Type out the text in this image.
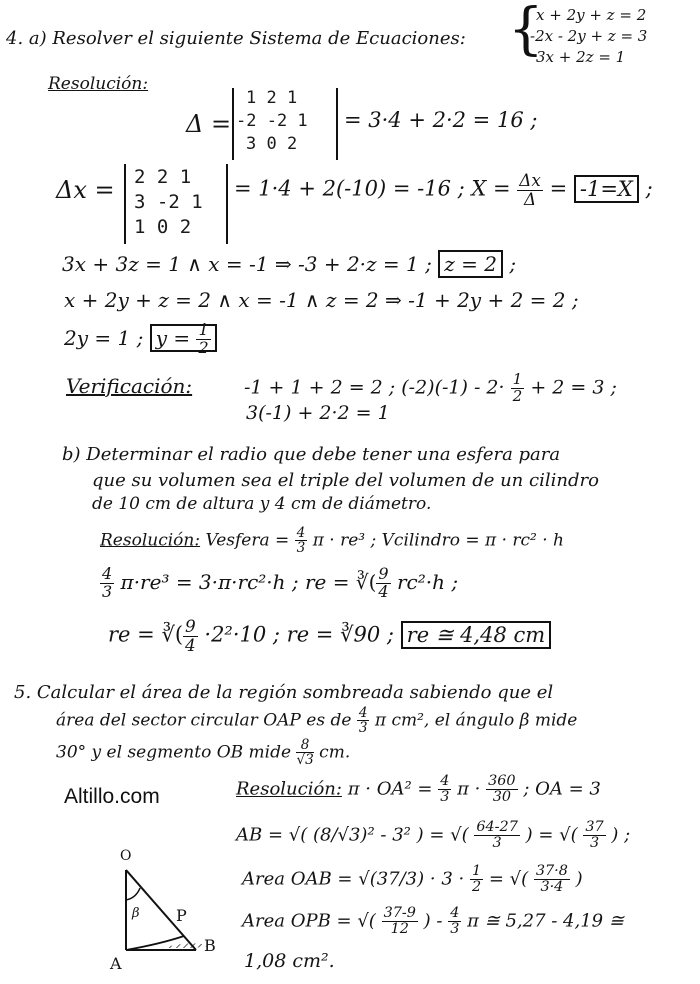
4. a) Resolver el siguiente Sistema de Ecuaciones: {
x + 2y + z = 2
-2x - 2y + z = 3
3x + 2z = 1
Resolución:
Δ =
1 2 1
-2 -2 1
3 0 2
= 3·4 + 2·2 = 16 ;
Δx = 2 2 1
3 -2 1
1 0 2
= 1·4 + 2(-10) = -16 ; $X = \frac{\Delta x}{\Delta} = -1=X$ ;
3x + 3z = 1 ∧ x = -1 ⇒ -3 + 2·z = 1 ; z = 2 ;
x + 2y + z = 2 ∧ x = -1 ∧ z = 2 ⇒ -1 + 2y + 2 = 2 ;
2y = 1 ; $y = \frac{1}{2}$
Verificación:	-1 + 1 + 2 = 2 ; $(-2)(-1) - 2\cdot \frac{1}{2} + 2 = 3$ ;
3(-1) + 2·2 = 1
b) Determinar el radio que debe tener una esfera para
que su volumen sea el triple del volumen de un cilindro
de 10 cm de altura y 4 cm de diámetro.
Resolución: Vesfera = $\frac{4}{3}$ π · re³ ; Vcilindro = π · rc² · h
$\frac{4}{3} \pi\cdot re^3 = 3\cdot\pi\cdot rc^2\cdot h$ ; re = ∛( $\frac{9}{4} rc^2\cdot h$ ;
re = ∛( $\frac{9}{4} \cdot 2^2\cdot 10$ ; re = ∛90 ; re ≅ 4,48 cm
5. Calcular el área de la región sombreada sabiendo que el
área del sector circular OAP es de $\frac{4}{3}$ π cm², el ángulo β mide
30° y el segmento OB mide $\frac{8}{√3}$ cm.
Altillo.com	Resolución: $\pi \cdot OA^2 = \frac{4}{3}$ $\pi \cdot \frac{360}{30}$ ; OA = 3
AB = √( (8/√3)² - 3² ) = √( $\frac{64-27}{3}$ ) = √( $\frac{37}{3}$ ) ;
Area OAB = $√(37/3) \cdot 3 \cdot \frac{1}{2}$ = √( $\frac{37\cdot 8}{3\cdot 4}$ )
Area OPB = √( $\frac{37-9}{12}$ ) - $\frac{4}{3}$ π ≅ 5,27 - 4,19 ≅
1,08 cm².
O
A
B
P
β
